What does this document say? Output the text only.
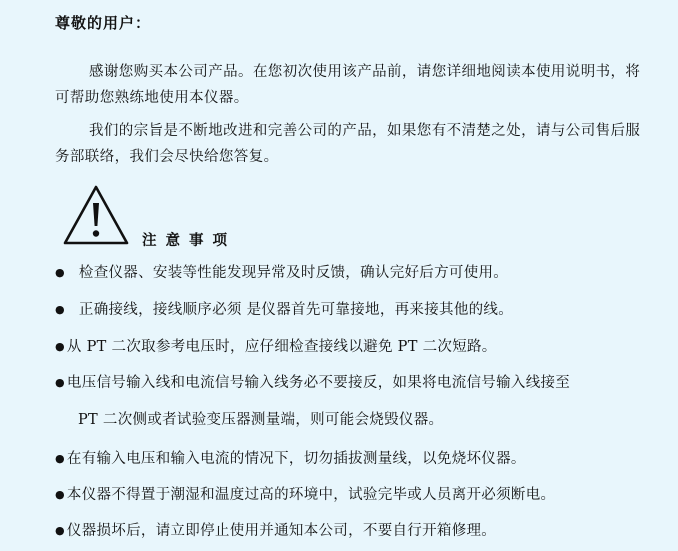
尊敬的用户：

感谢您购买本公司产品。在您初次使用该产品前，请您详细地阅读本使用说明书，将可帮助您熟练地使用本仪器。

我们的宗旨是不断地改进和完善公司的产品，如果您有不清楚之处，请与公司售后服务部联络，我们会尽快给您答复。

注意事项
● 检查仪器、安装等性能发现异常及时反馈，确认完好后方可使用。
● 正确接线，接线顺序必须 是仪器首先可靠接地，再来接其他的线。
● 从 PT 二次取参考电压时，应仔细检查接线以避免 PT 二次短路。
● 电压信号输入线和电流信号输入线务必不要接反，如果将电流信号输入线接至
PT 二次侧或者试验变压器测量端，则可能会烧毁仪器。
● 在有输入电压和输入电流的情况下，切勿插拔测量线，以免烧坏仪器。
● 本仪器不得置于潮湿和温度过高的环境中，试验完毕或人员离开必须断电。
● 仪器损坏后，请立即停止使用并通知本公司，不要自行开箱修理。
